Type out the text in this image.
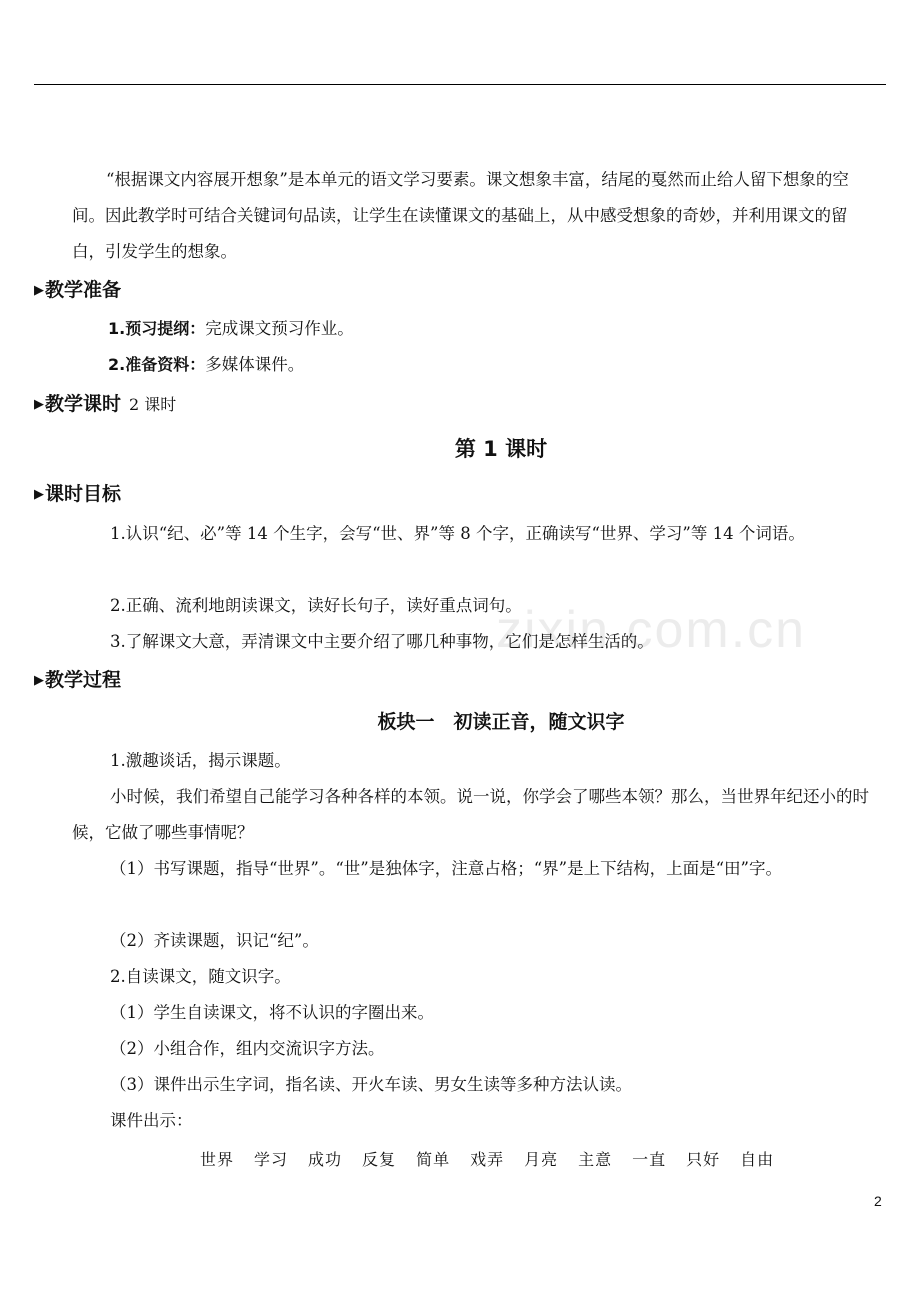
zixin.com.cn

“根据课文内容展开想象”是本单元的语文学习要素。课文想象丰富，结尾的戛然而止给人留下想象的空间。因此教学时可结合关键词句品读，让学生在读懂课文的基础上，从中感受想象的奇妙，并利用课文的留白，引发学生的想象。

▶教学准备
1.预习提纲：完成课文预习作业。
2.准备资料：多媒体课件。
▶教学课时 2 课时
第 1 课时
▶课时目标

1.认识“纪、必”等 14 个生字，会写“世、界”等 8 个字，正确读写“世界、学习”等 14 个词语。

2.正确、流利地朗读课文，读好长句子，读好重点词句。

3.了解课文大意，弄清课文中主要介绍了哪几种事物，它们是怎样生活的。

▶教学过程
板块一　初读正音，随文识字

1.激趣谈话，揭示课题。

小时候，我们希望自己能学习各种各样的本领。说一说，你学会了哪些本领？那么，当世界年纪还小的时候，它做了哪些事情呢？

（1）书写课题，指导“世界”。“世”是独体字，注意占格；“界”是上下结构，上面是“田”字。

（2）齐读课题，识记“纪”。

2.自读课文，随文识字。

（1）学生自读课文，将不认识的字圈出来。

（2）小组合作，组内交流识字方法。

（3）课件出示生字词，指名读、开火车读、男女生读等多种方法认读。

课件出示：

世界 学习 成功 反复 简单 戏弄 月亮 主意 一直 只好 自由
2
